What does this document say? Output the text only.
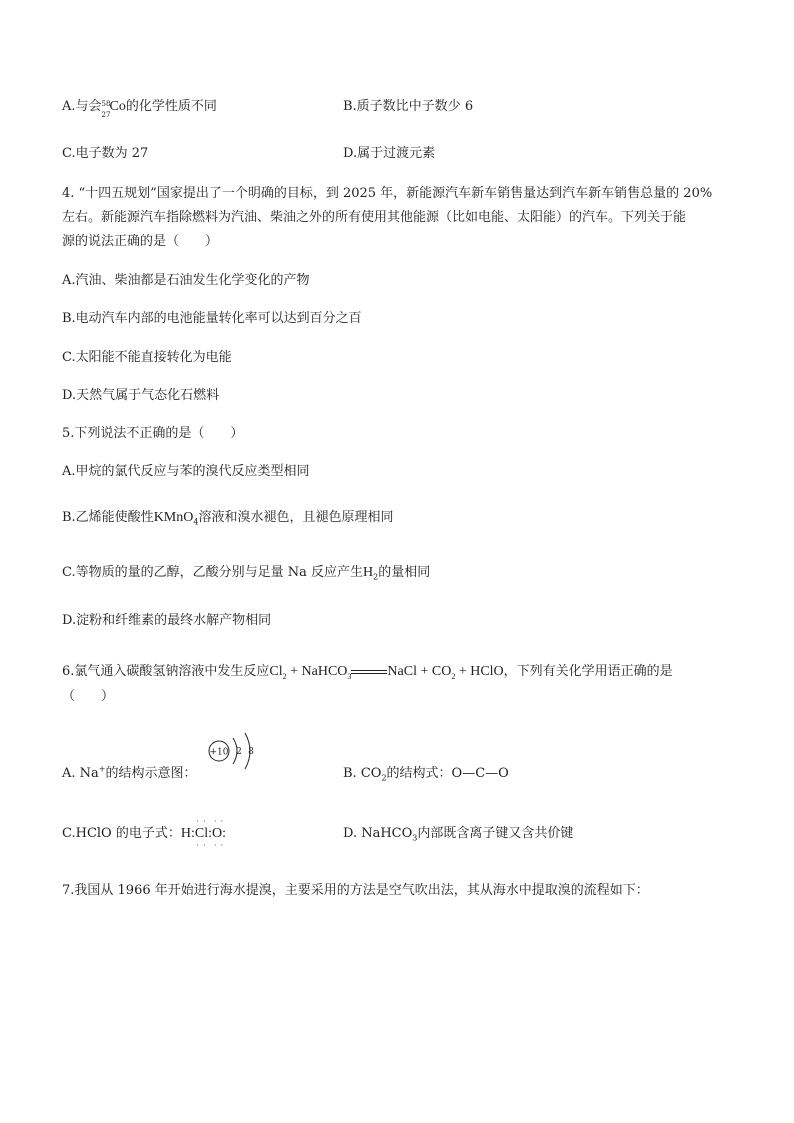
A.与会 58
27
Co的化学性质不同	B.质子数比中子数少 6
C.电子数为 27	D.属于过渡元素
4. “十四五规划”国家提出了一个明确的目标，到 2025 年，新能源汽车新车销售量达到汽车新车销售总量的 20%
左右。新能源汽车指除燃料为汽油、柴油之外的所有使用其他能源（比如电能、太阳能）的汽车。下列关于能
源的说法正确的是（　　）
A.汽油、柴油都是石油发生化学变化的产物
B.电动汽车内部的电池能量转化率可以达到百分之百
C.太阳能不能直接转化为电能
D.天然气属于气态化石燃料
5.下列说法不正确的是（　　）
A.甲烷的氯代反应与苯的溴代反应类型相同
B.乙烯能使酸性KMnO$_4$溶液和溴水褪色，且褪色原理相同
C.等物质的量的乙醇，乙酸分别与足量 Na 反应产生$H_2$的量相同
D.淀粉和纤维素的最终水解产物相同
6.氯气通入碳酸氢钠溶液中发生反应$Cl_2$ + NaHCO$_3$	NaCl + $CO_2$ + HClO，下列有关化学用语正确的是
（　　）
A. Na+的结构示意图：
+10 2 8
B. $CO_2$的结构式：O—C—O
C.HClO 的电子式：H:
· ·
Cl
· ·
:
· ·
O:
· ·
D. NaHCO$_3$内部既含离子键又含共价键
7.我国从 1966 年开始进行海水提溴，主要采用的方法是空气吹出法，其从海水中提取溴的流程如下：
